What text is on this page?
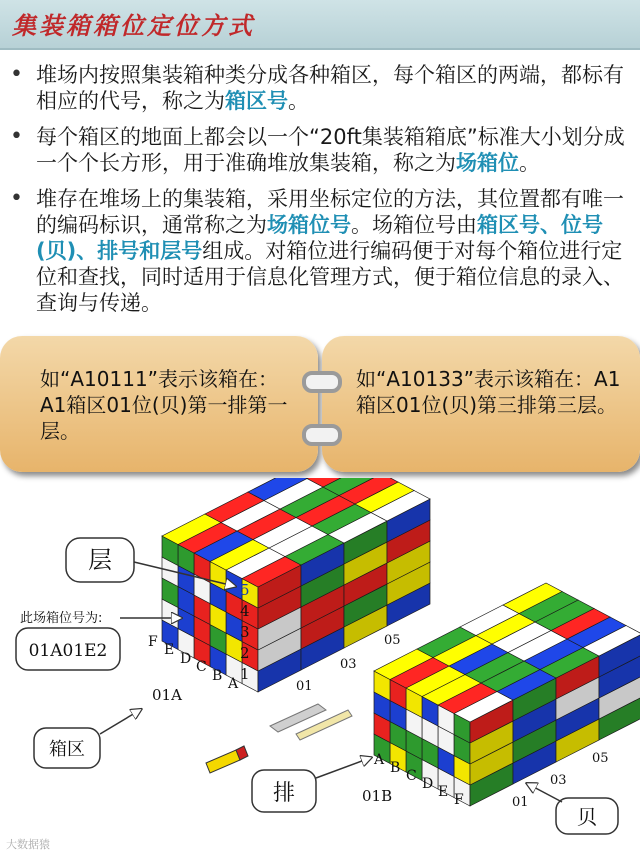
集装箱箱位定位方式
• 堆场内按照集装箱种类分成各种箱区，每个箱区的两端，都标有相应的代号，称之为箱区号。
• 每个箱区的地面上都会以一个“20ft集装箱箱底”标准大小划分成一个个长方形，用于准确堆放集装箱，称之为场箱位。
• 堆存在堆场上的集装箱，采用坐标定位的方法，其位置都有唯一的编码标识，通常称之为场箱位号。场箱位号由箱区号、位号(贝)、排号和层号组成。对箱位进行编码便于对每个箱位进行定位和查找，同时适用于信息化管理方式，便于箱位信息的录入、查询与传递。
如“A10111”表示该箱在：A1箱区01位(贝)第一排第一层。
如“A10133”表示该箱在：A1箱区01位(贝)第三排第三层。
层
此场箱位号为:
01A01E2
箱区
排
贝
01A
01B
5
4
3
2
1
F E
D C
B A	01
03
05
A B C D E F	01
03
05
大数据猿
